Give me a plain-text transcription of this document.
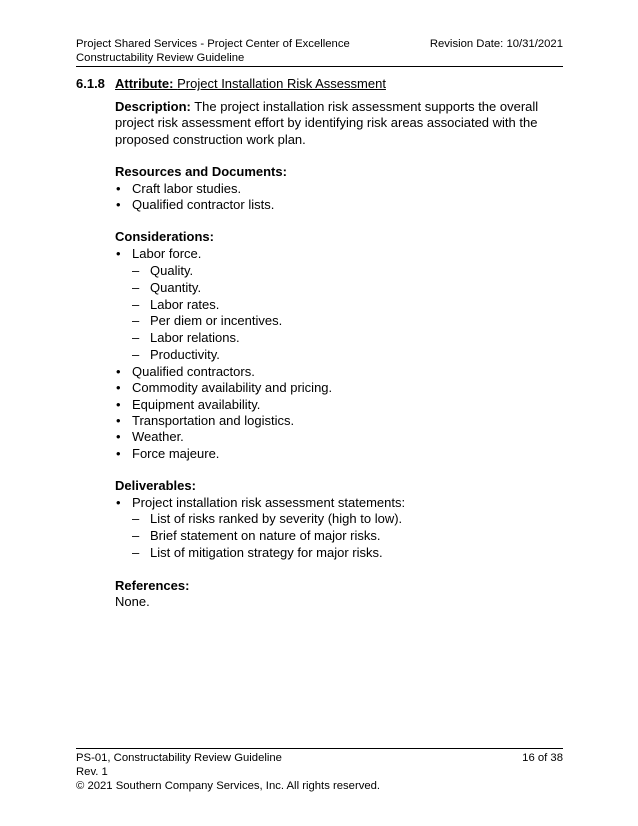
Project Shared Services - Project Center of Excellence	Revision Date: 10/31/2021
Constructability Review Guideline
6.1.8 Attribute: Project Installation Risk Assessment

Description: The project installation risk assessment supports the overall project risk assessment effort by identifying risk areas associated with the proposed construction work plan.

Resources and Documents:

• Craft labor studies.
• Qualified contractor lists.

Considerations:

• Labor force.
– Quality.
– Quantity.
– Labor rates.
– Per diem or incentives.
– Labor relations.
– Productivity.
• Qualified contractors.
• Commodity availability and pricing.
• Equipment availability.
• Transportation and logistics.
• Weather.
• Force majeure.

Deliverables:

• Project installation risk assessment statements:
– List of risks ranked by severity (high to low).
– Brief statement on nature of major risks.
– List of mitigation strategy for major risks.

References:

None.

PS-01, Constructability Review Guideline	16 of 38
Rev. 1
© 2021 Southern Company Services, Inc. All rights reserved.
